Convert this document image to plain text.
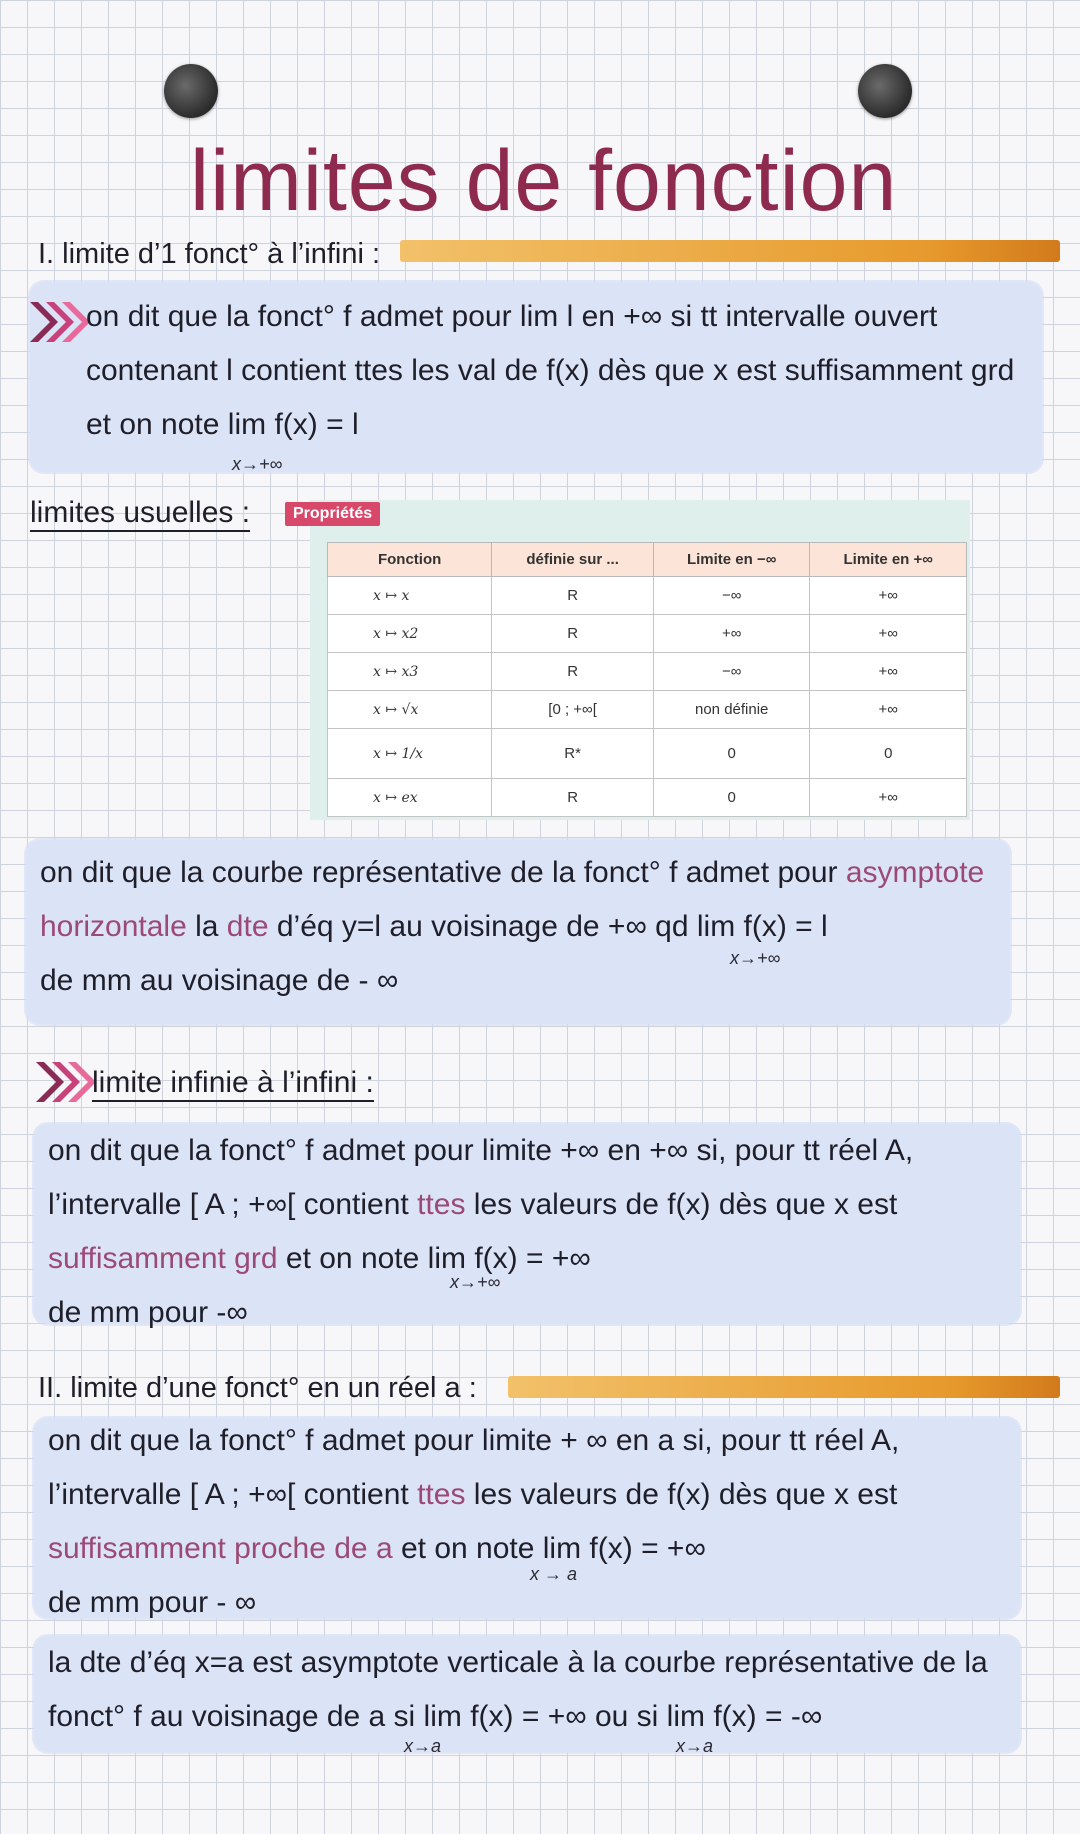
limites de fonction
I. limite d’1 fonct° à l’infini :
on dit que la fonct° f admet pour lim l en +∞ si tt intervalle ouvert
contenant l contient ttes les val de f(x) dès que x est suffisamment grd
et on note lim f(x) = l
x→+∞
limites usuelles :	Propriétés
Fonction	définie sur ...	Limite en −∞	Limite en +∞
x ↦ x	R	−∞	+∞
x ↦ x2	R	+∞	+∞
x ↦ x3	R	−∞	+∞
x ↦ √x	[0 ; +∞[	non définie	+∞
x ↦ 1/x	R*	0	0
x ↦ ex	R	0	+∞
on dit que la courbe représentative de la fonct° f admet pour asymptote
horizontale la dte d’éq y=l au voisinage de +∞ qd lim f(x) = l
x→+∞
de mm au voisinage de - ∞
limite infinie à l’infini :
on dit que la fonct° f admet pour limite +∞ en +∞ si, pour tt réel A,
l’intervalle [ A ; +∞[ contient ttes les valeurs de f(x) dès que x est
suffisamment grd et on note lim f(x) = +∞
x→+∞
de mm pour -∞
II. limite d’une fonct° en un réel a :
on dit que la fonct° f admet pour limite + ∞ en a si, pour tt réel A,
l’intervalle [ A ; +∞[ contient ttes les valeurs de f(x) dès que x est
suffisamment proche de a et on note lim f(x) = +∞
x → a
de mm pour - ∞
la dte d’éq x=a est asymptote verticale à la courbe représentative de la
fonct° f au voisinage de a si lim f(x) = +∞ ou si lim f(x) = -∞
x→a	x→a
